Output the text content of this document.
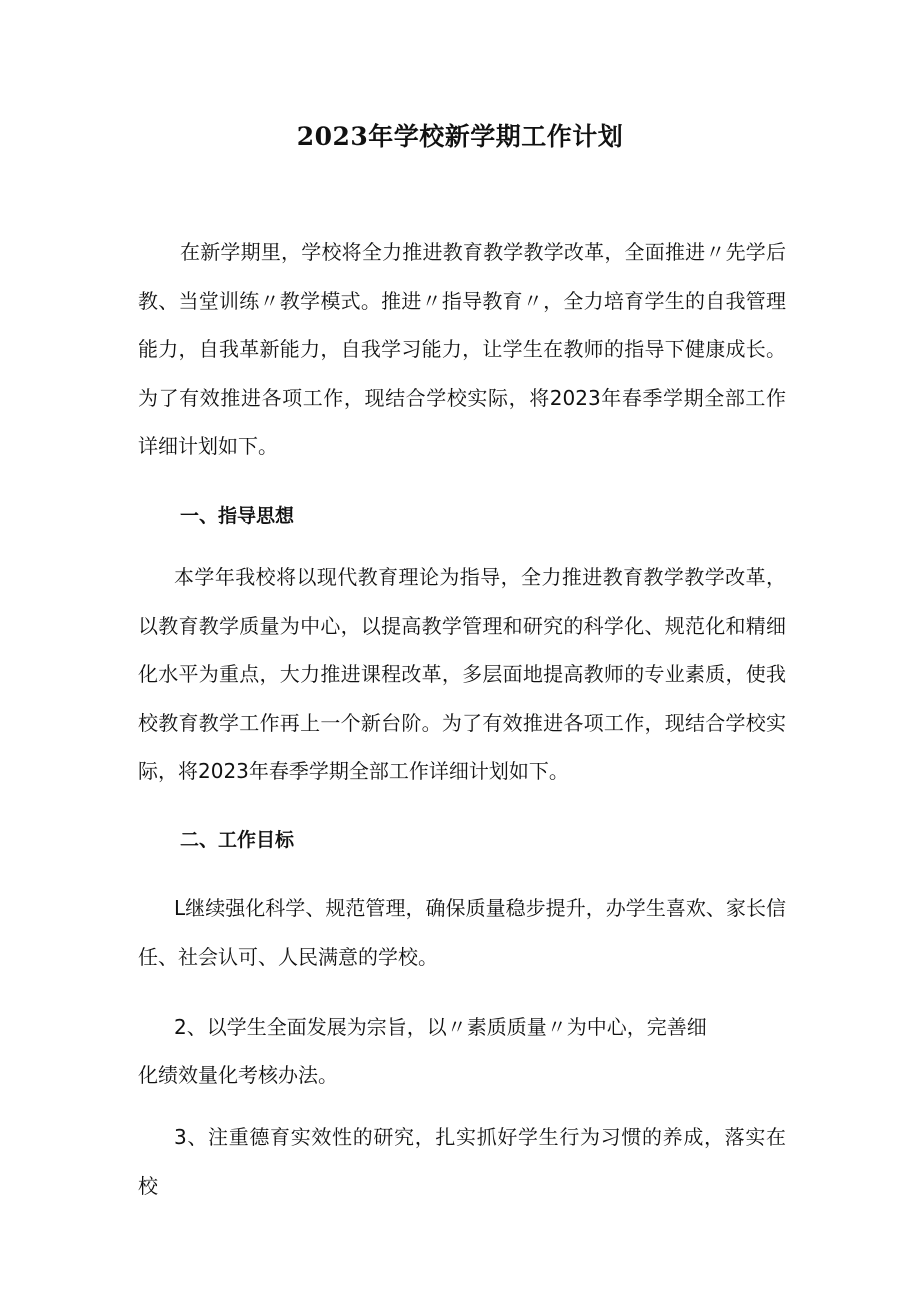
2023年学校新学期工作计划

在新学期里，学校将全力推进教育教学教学改革，全面推进〃先学后教、当堂训练〃教学模式。推进〃指导教育〃，全力培育学生的自我管理能力，自我革新能力，自我学习能力，让学生在教师的指导下健康成长。为了有效推进各项工作，现结合学校实际，将2023年春季学期全部工作详细计划如下。

一、指导思想

本学年我校将以现代教育理论为指导，全力推进教育教学教学改革，以教育教学质量为中心，以提高教学管理和研究的科学化、规范化和精细化水平为重点，大力推进课程改革，多层面地提高教师的专业素质，使我校教育教学工作再上一个新台阶。为了有效推进各项工作，现结合学校实际，将2023年春季学期全部工作详细计划如下。

二、工作目标

L继续强化科学、规范管理，确保质量稳步提升，办学生喜欢、家长信任、社会认可、人民满意的学校。

2、以学生全面发展为宗旨，以〃素质质量〃为中心，完善细

化绩效量化考核办法。

3、注重德育实效性的研究，扎实抓好学生行为习惯的养成，落实在校
